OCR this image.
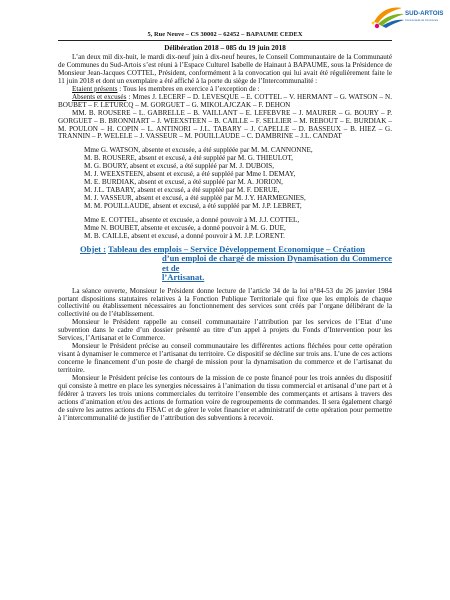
SUD-ARTOIS
Communauté de Communes
5, Rue Neuve – CS 30002 – 62452 – BAPAUME CEDEX

Délibération 2018 – 085 du 19 juin 2018

L’an deux mil dix-huit, le mardi dix-neuf juin à dix-neuf heures, le Conseil Communautaire de la Communauté de Communes du Sud-Artois s’est réuni à l’Espace Culturel Isabelle de Hainaut à BAPAUME, sous la Présidence de Monsieur Jean-Jacques COTTEL, Président, conformément à la convocation qui lui avait été régulièrement faite le 11 juin 2018 et dont un exemplaire a été affiché à la porte du siège de l’Intercommunalité :

Etaient présents : Tous les membres en exercice à l’exception de :

Absents et excusés : Mmes J. LECERF – D. LEVESQUE – E. COTTEL – V. HERMANT – G. WATSON – N. BOUBET – F. LETURCQ – M. GORGUET – G. MIKOLAJCZAK – F. DEHON

MM. B. ROUSERE – L. GABRELLE – B. VAILLANT – E. LEFEBVRE – J. MAURER – G. BOURY – P. GORGUET – B. BRONNIART – J. WEEXSTEEN – B. CAILLE – F. SELLIER – M. REBOUT – E. BURDIAK – M. POULON – H. COPIN – L. ANTINORI – J.L. TABARY – J. CAPELLE – D. BASSEUX – B. HIEZ – G. TRANNIN – P. WELELE – J. VASSEUR – M. POUILLAUDE – C. DAMBRINE – J.L. CANDAT

Mme G. WATSON, absente et excusée, a été suppléée par M. M. CANNONNE,

M. B. ROUSERE, absent et excusé, a été suppléé par M. G. THIEULOT,

M. G. BOURY, absent et excusé, a été suppléé par M. J. DUBOIS,

M. J. WEEXSTEEN, absent et excusé, a été suppléé par Mme I. DEMAY,

M. E. BURDIAK, absent et excusé, a été suppléé par M. A. JORION,

M. J.L. TABARY, absent et excusé, a été suppléé par M. F. DERUE,

M. J. VASSEUR, absent et excusé, a été suppléé par M. J.Y. HARMEGNIES,

M. M. POUILLAUDE, absent et excusé, a été suppléé par M. J.P. LEBRET,

Mme E. COTTEL, absente et excusée, a donné pouvoir à M. J.J. COTTEL,

Mme N. BOUBET, absente et excusée, a donné pouvoir à M. G. DUE,

M. B. CAILLE, absent et excusé, a donné pouvoir à M. J.P. LORENT.

Objet : Tableau des emplois – Service Développement Economique – Création

d’un emploi de chargé de mission Dynamisation du Commerce et de

l’Artisanat.

La séance ouverte, Monsieur le Président donne lecture de l’article 34 de la loi n°84-53 du 26 janvier 1984 portant dispositions statutaires relatives à la Fonction Publique Territoriale qui fixe que les emplois de chaque collectivité ou établissement nécessaires au fonctionnement des services sont créés par l’organe délibérant de la collectivité ou de l’établissement.

Monsieur le Président rappelle au conseil communautaire l’attribution par les services de l’Etat d’une subvention dans le cadre d’un dossier présenté au titre d’un appel à projets du Fonds d’Intervention pour les Services, l’Artisanat et le Commerce.

Monsieur le Président précise au conseil communautaire les différentes actions fléchées pour cette opération visant à dynamiser le commerce et l’artisanat du territoire. Ce dispositif se décline sur trois ans. L’une de ces actions concerne le financement d’un poste de chargé de mission pour la dynamisation du commerce et de l’artisanat du territoire.

Monsieur le Président précise les contours de la mission de ce poste financé pour les trois années du dispositif qui consiste à mettre en place les synergies nécessaires à l’animation du tissu commercial et artisanal d’une part et à fédérer à travers les trois unions commerciales du territoire l’ensemble des commerçants et artisans à travers des actions d’animation et/ou des actions de formation voire de regroupements de commandes. Il sera également chargé de suivre les autres actions du FISAC et de gérer le volet financier et administratif de cette opération pour permettre à l’intercommunalité de justifier de l’attribution des subventions à recevoir.
